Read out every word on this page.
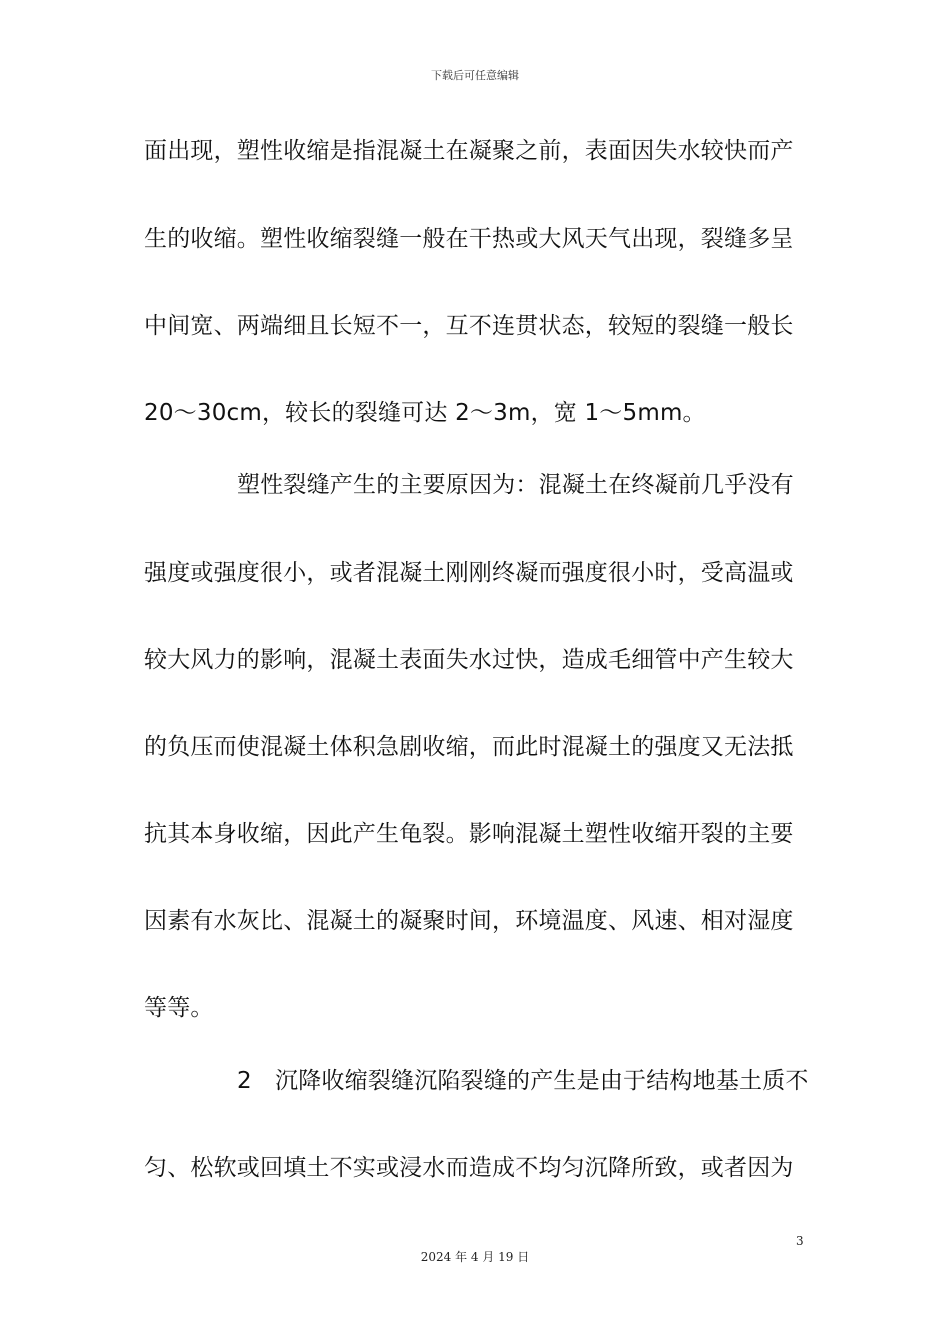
下载后可任意编辑
面出现，塑性收缩是指混凝土在凝聚之前，表面因失水较快而产
生的收缩。塑性收缩裂缝一般在干热或大风天气出现，裂缝多呈
中间宽、两端细且长短不一，互不连贯状态，较短的裂缝一般长
20～30cm，较长的裂缝可达 2～3m，宽 1～5mm。
塑性裂缝产生的主要原因为：混凝土在终凝前几乎没有
强度或强度很小，或者混凝土刚刚终凝而强度很小时，受高温或
较大风力的影响，混凝土表面失水过快，造成毛细管中产生较大
的负压而使混凝土体积急剧收缩，而此时混凝土的强度又无法抵
抗其本身收缩，因此产生龟裂。影响混凝土塑性收缩开裂的主要
因素有水灰比、混凝土的凝聚时间，环境温度、风速、相对湿度
等等。
2　沉降收缩裂缝沉陷裂缝的产生是由于结构地基土质不
匀、松软或回填土不实或浸水而造成不均匀沉降所致，或者因为
3
2024 年 4 月 19 日
